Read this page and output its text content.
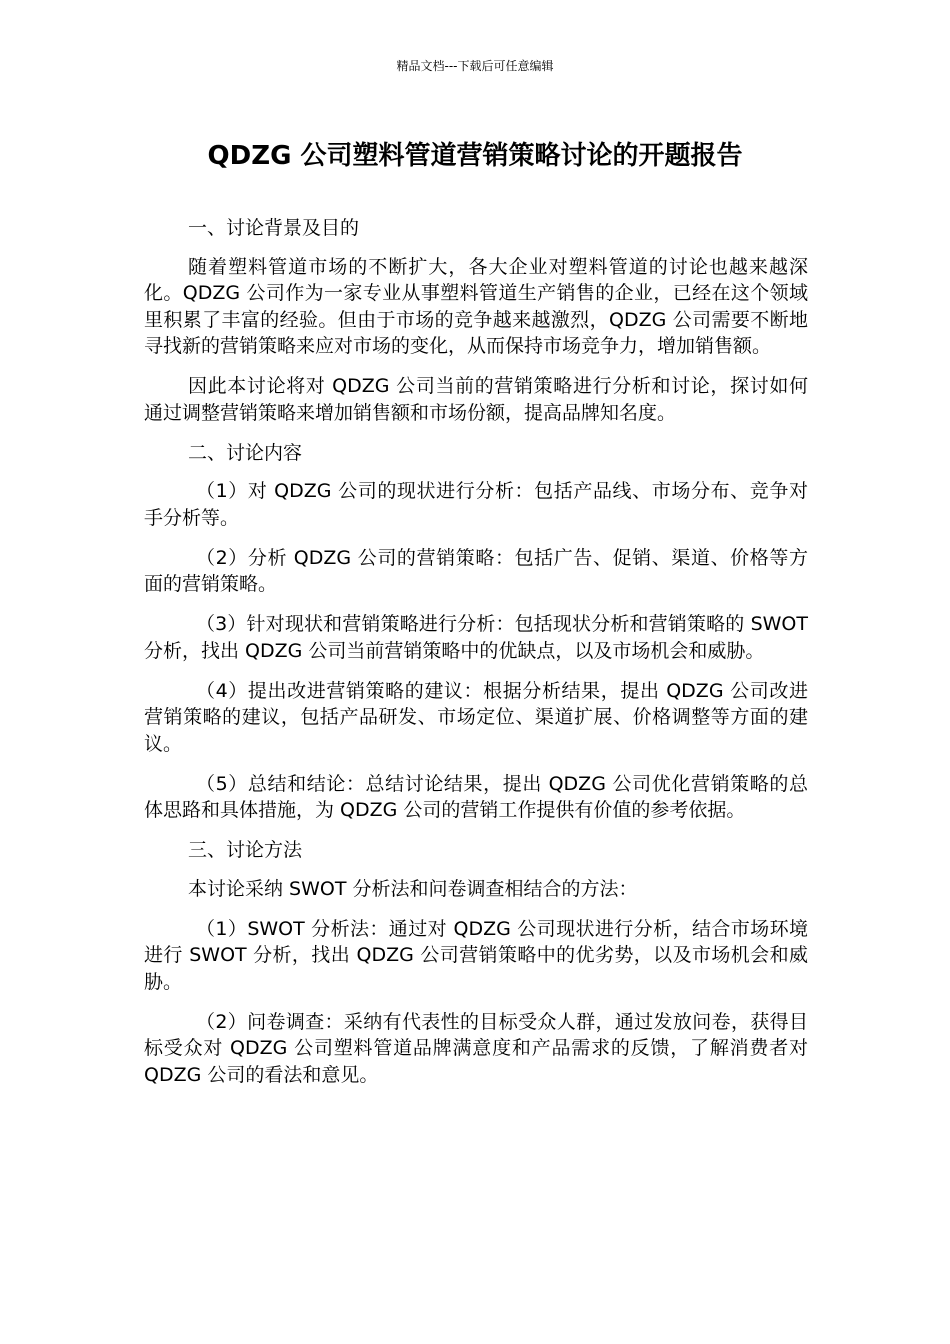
精品文档---下载后可任意编辑
QDZG 公司塑料管道营销策略讨论的开题报告

一、讨论背景及目的

随着塑料管道市场的不断扩大，各大企业对塑料管道的讨论也越来越深化。QDZG 公司作为一家专业从事塑料管道生产销售的企业，已经在这个领域里积累了丰富的经验。但由于市场的竞争越来越激烈，QDZG 公司需要不断地寻找新的营销策略来应对市场的变化，从而保持市场竞争力，增加销售额。

因此本讨论将对 QDZG 公司当前的营销策略进行分析和讨论，探讨如何通过调整营销策略来增加销售额和市场份额，提高品牌知名度。

二、讨论内容

（1）对 QDZG 公司的现状进行分析：包括产品线、市场分布、竞争对手分析等。

（2）分析 QDZG 公司的营销策略：包括广告、促销、渠道、价格等方面的营销策略。

（3）针对现状和营销策略进行分析：包括现状分析和营销策略的 SWOT 分析，找出 QDZG 公司当前营销策略中的优缺点，以及市场机会和威胁。

（4）提出改进营销策略的建议：根据分析结果，提出 QDZG 公司改进营销策略的建议，包括产品研发、市场定位、渠道扩展、价格调整等方面的建议。

（5）总结和结论：总结讨论结果，提出 QDZG 公司优化营销策略的总体思路和具体措施，为 QDZG 公司的营销工作提供有价值的参考依据。

三、讨论方法

本讨论采纳 SWOT 分析法和问卷调查相结合的方法：

（1）SWOT 分析法：通过对 QDZG 公司现状进行分析，结合市场环境进行 SWOT 分析，找出 QDZG 公司营销策略中的优劣势，以及市场机会和威胁。

（2）问卷调查：采纳有代表性的目标受众人群，通过发放问卷，获得目标受众对 QDZG 公司塑料管道品牌满意度和产品需求的反馈，了解消费者对 QDZG 公司的看法和意见。
